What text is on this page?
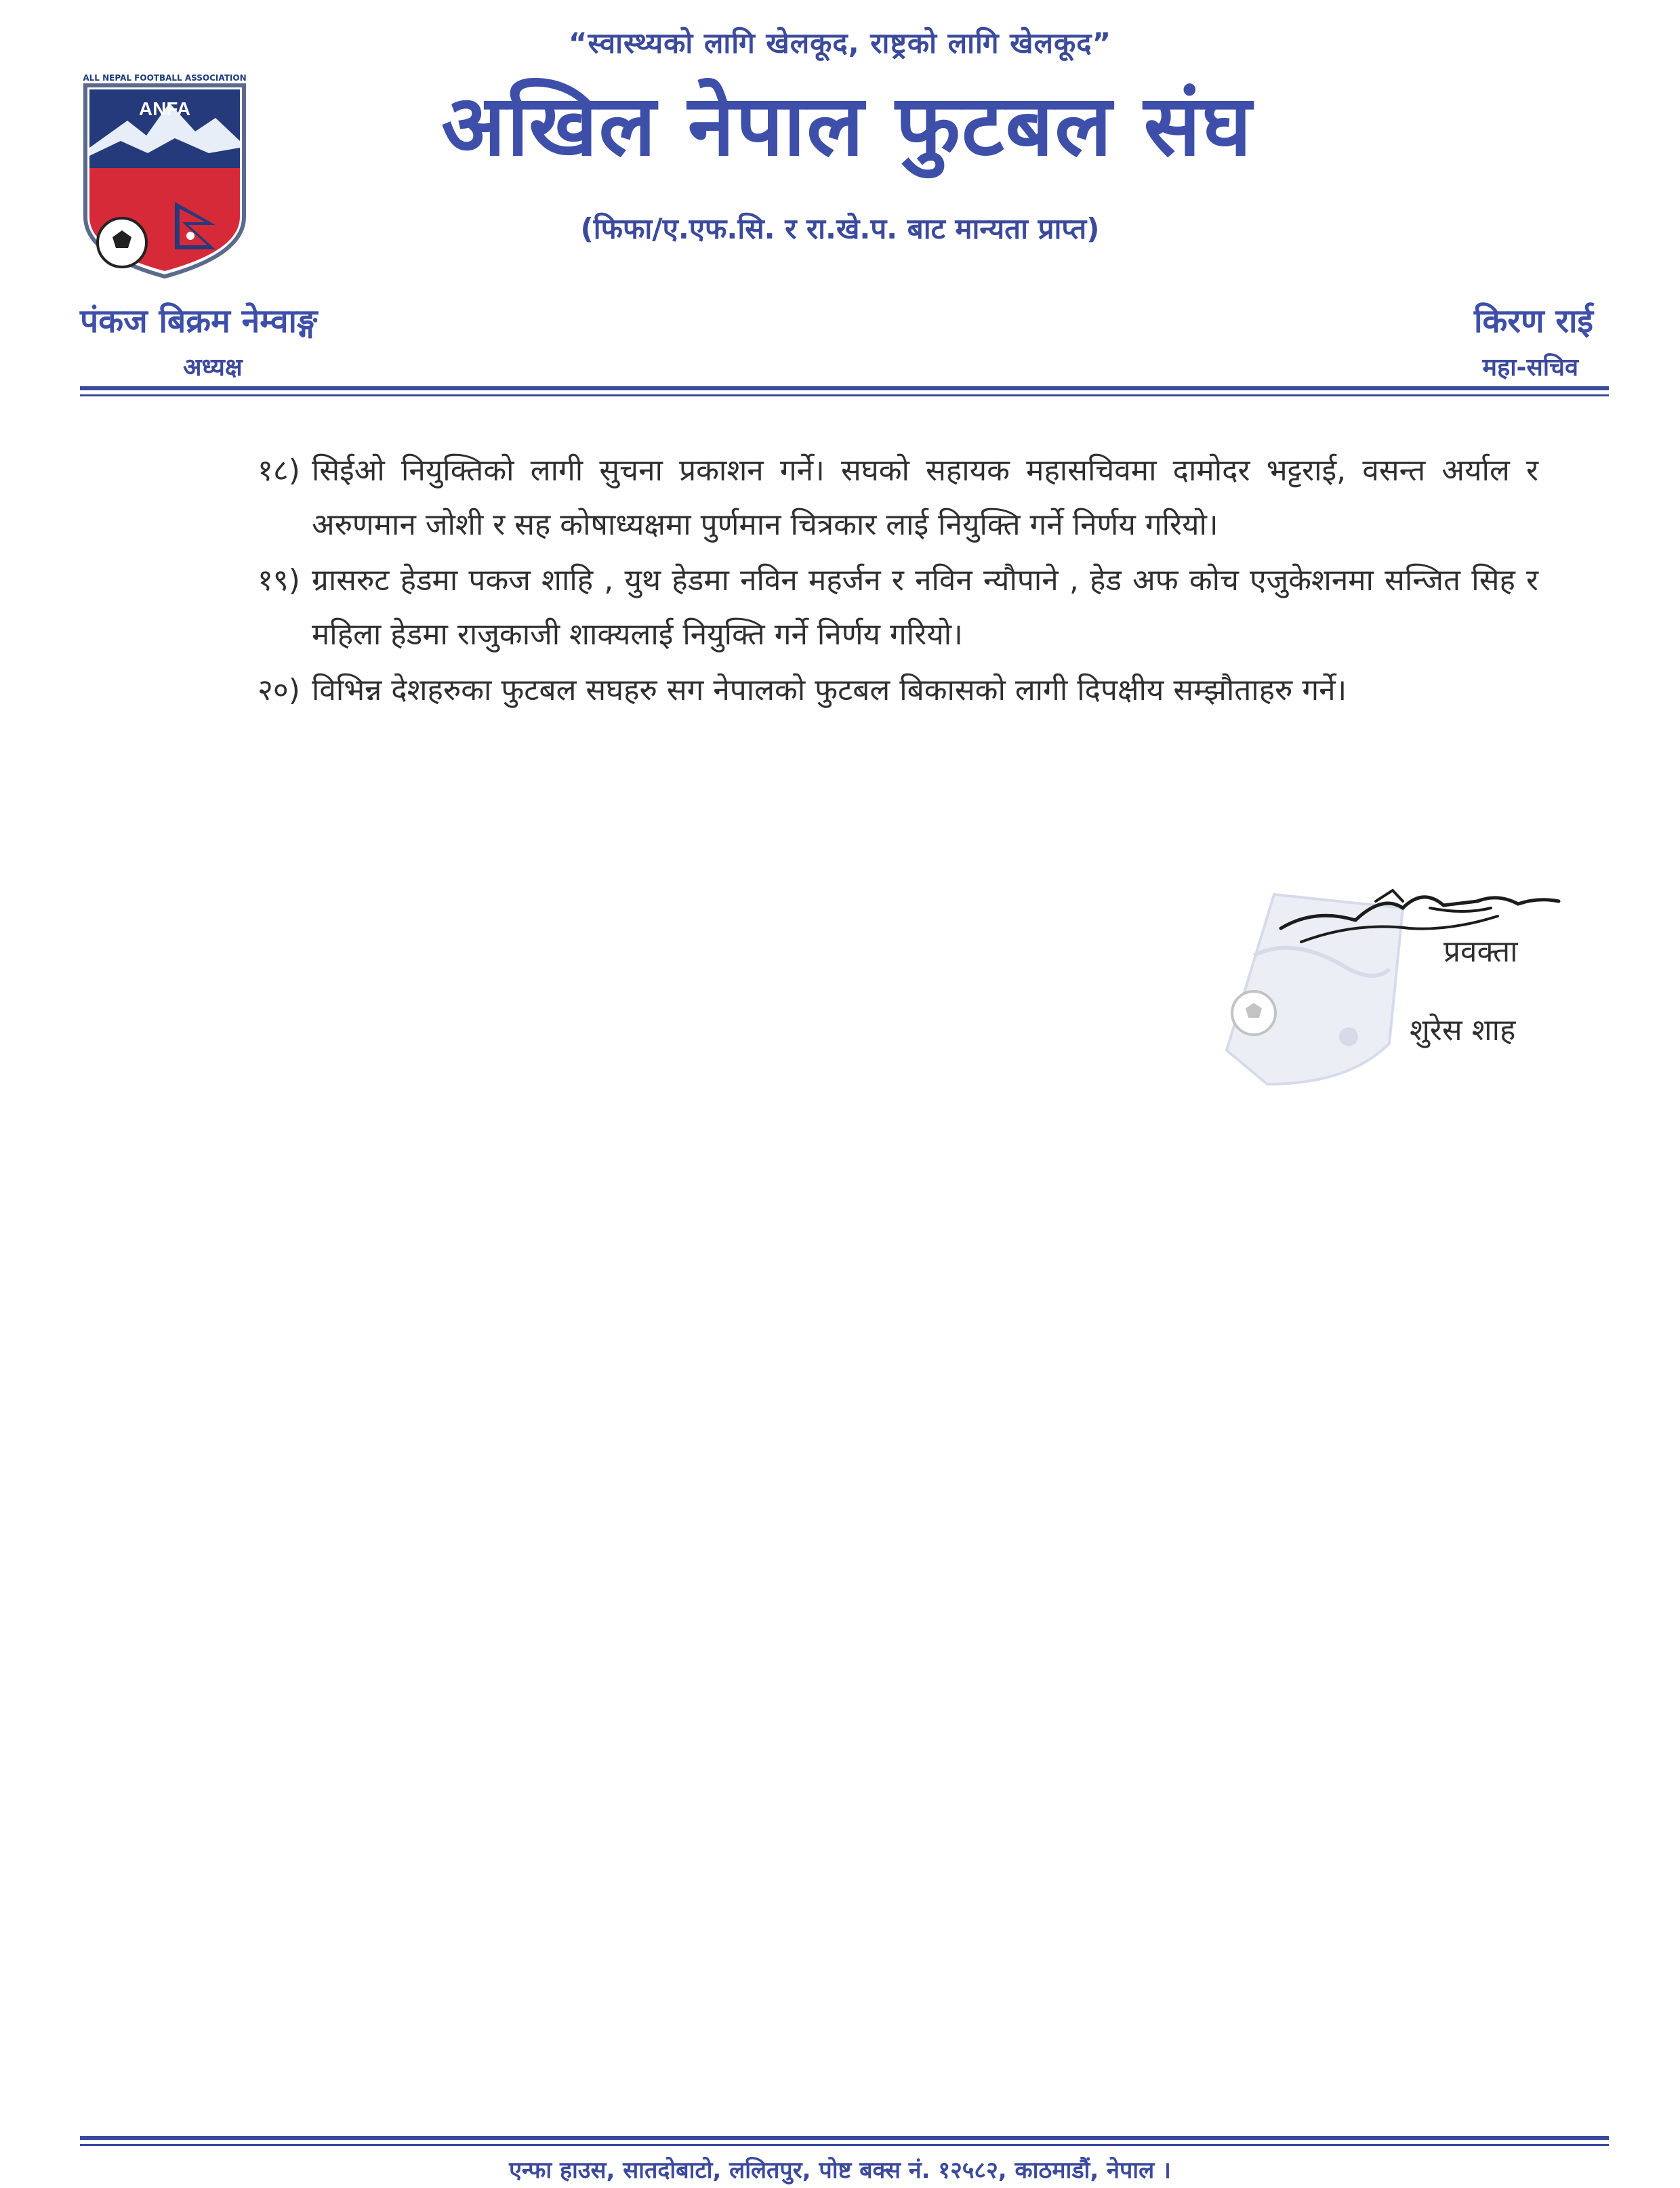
“स्वास्थ्यको लागि खेलकूद, राष्ट्रको लागि खेलकूद”
ANFA
ALL NEPAL FOOTBALL ASSOCIATION	अखिल नेपाल फुटबल संघ
(फिफा/ए.एफ.सि. र रा.खे.प. बाट मान्यता प्राप्त)
पंकज बिक्रम नेम्वाङ्ग
अध्यक्ष
किरण राई
महा-सचिव
१८) सिईओ नियुक्तिको लागी सुचना प्रकाशन गर्ने। सघको सहायक महासचिवमा दामोदर भट्टराई, वसन्त अर्याल र अरुणमान जोशी र सह कोषाध्यक्षमा पुर्णमान चित्रकार लाई नियुक्ति गर्ने निर्णय गरियो।
१९) ग्रासरुट हेडमा पकज शाहि , युथ हेडमा नविन महर्जन र नविन न्यौपाने , हेड अफ कोच एजुकेशनमा सन्जित सिह र महिला हेडमा राजुकाजी शाक्यलाई नियुक्ति गर्ने निर्णय गरियो।
२०) विभिन्न देशहरुका फुटबल सघहरु सग नेपालको फुटबल बिकासको लागी दिपक्षीय सम्झौताहरु गर्ने।
प्रवक्ता
शुरेस शाह
एन्फा हाउस, सातदोबाटो, ललितपुर, पोष्ट बक्स नं. १२५८२, काठमाडौं, नेपाल ।
